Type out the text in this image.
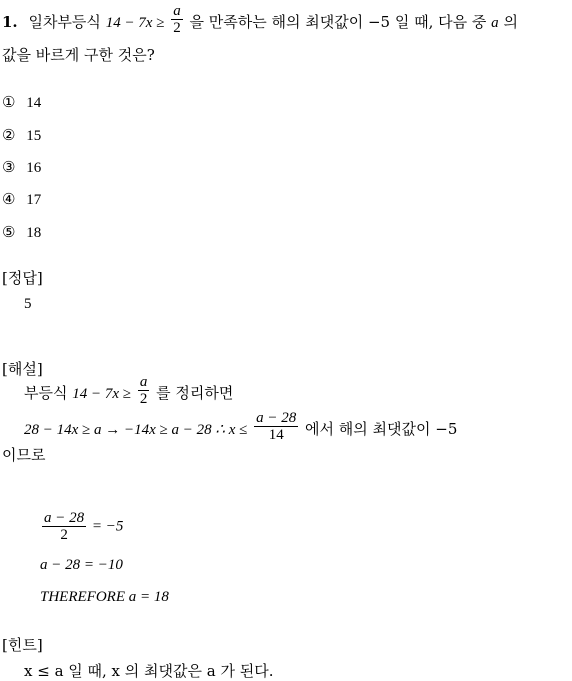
1. 일차부등식 $14 - 7x \ge \frac{a}{2}$ 을 만족하는 해의 최댓값이 −5 일 때, 다음 중 a 의
값을 바르게 구한 것은?
① 14
② 15
③ 16
④ 17
⑤ 18
[정답]
5
[해설]
부등식 $14 - 7x \ge \frac{a}{2}$ 를 정리하면
28 − 14x ≥ a → −14x ≥ a − 28 ∴ $x \le \frac{a - 28}{14}$ 에서 해의 최댓값이 −5
이므로
$\frac{a - 28}{2} = -5$
a − 28 = −10
THEREFORE a = 18
[힌트]
x ≤ a 일 때, x 의 최댓값은 a 가 된다.
